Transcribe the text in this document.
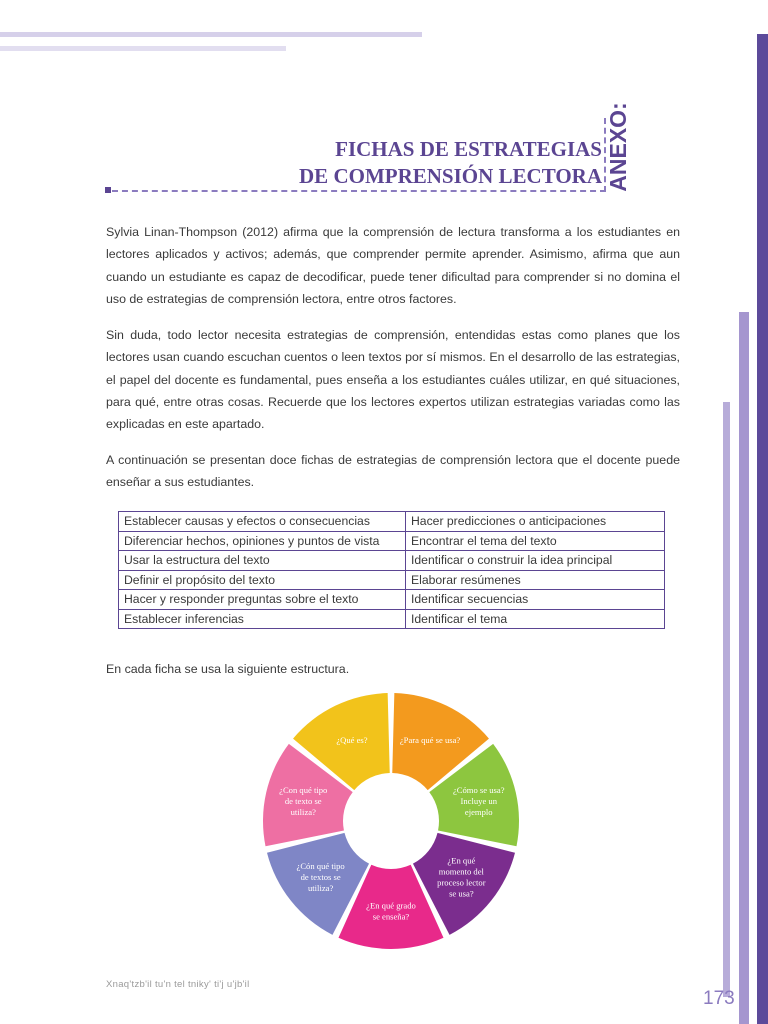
FICHAS DE ESTRATEGIAS
DE COMPRENSIÓN LECTORA ANEXO:
Sylvia Linan-Thompson (2012) afirma que la comprensión de lectura transforma a los estudiantes en lectores aplicados y activos; además, que comprender permite aprender. Asimismo, afirma que aun cuando un estudiante es capaz de decodificar, puede tener dificultad para comprender si no domina el uso de estrategias de comprensión lectora, entre otros factores.
Sin duda, todo lector necesita estrategias de comprensión, entendidas estas como planes que los lectores usan cuando escuchan cuentos o leen textos por sí mismos. En el desarrollo de las estrategias, el papel del docente es fundamental, pues enseña a los estudiantes cuáles utilizar, en qué situaciones, para qué, entre otras cosas. Recuerde que los lectores expertos utilizan estrategias variadas como las explicadas en este apartado.
A continuación se presentan doce fichas de estrategias de comprensión lectora que el docente puede enseñar a sus estudiantes.
Establecer causas y efectos o consecuencias	Hacer predicciones o anticipaciones
Diferenciar hechos, opiniones y puntos de vista	Encontrar el tema del texto
Usar la estructura del texto	Identificar o construir la idea principal
Definir el propósito del texto	Elaborar resúmenes
Hacer y responder preguntas sobre el texto	Identificar secuencias
Establecer inferencias	Identificar el tema
En cada ficha se usa la siguiente estructura.
¿Para qué se usa?
¿Cómo se usa? Incluye un ejemplo
¿En qué momento del proceso lector se usa?
¿En qué grado se enseña?
¿Cón qué tipo de textos se utiliza?
¿Con qué tipo de texto se utiliza?
¿Qué es?
Xnaq'tzb'il tu'n tel tniky' ti'j u'jb'il
173
